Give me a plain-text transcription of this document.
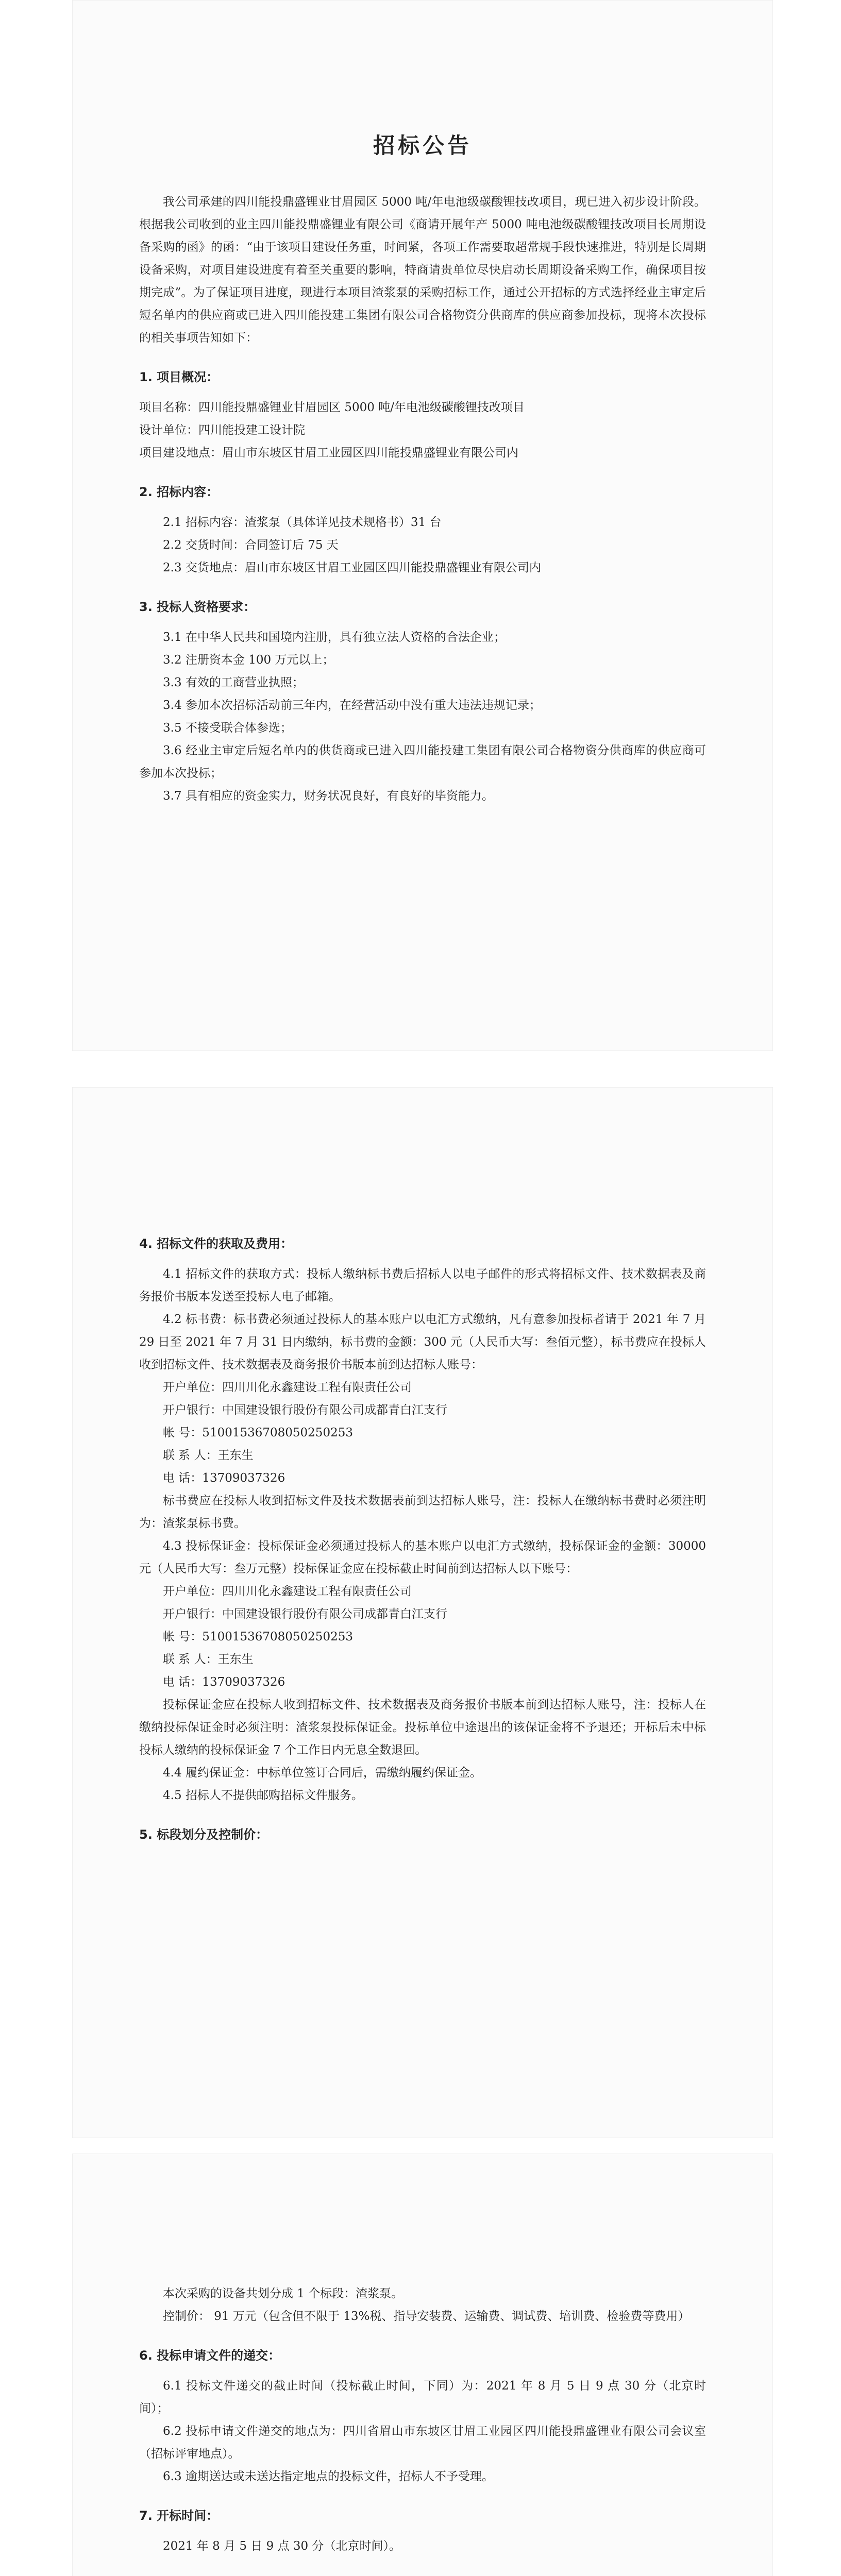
招标公告

我公司承建的四川能投鼎盛锂业甘眉园区 5000 吨/年电池级碳酸锂技改项目，现已进入初步设计阶段。根据我公司收到的业主四川能投鼎盛锂业有限公司《商请开展年产 5000 吨电池级碳酸锂技改项目长周期设备采购的函》的函：“由于该项目建设任务重，时间紧，各项工作需要取超常规手段快速推进，特别是长周期设备采购，对项目建设进度有着至关重要的影响，特商请贵单位尽快启动长周期设备采购工作，确保项目按期完成”。为了保证项目进度，现进行本项目渣浆泵的采购招标工作，通过公开招标的方式选择经业主审定后短名单内的供应商或已进入四川能投建工集团有限公司合格物资分供商库的供应商参加投标，现将本次投标的相关事项告知如下：

1. 项目概况：

项目名称：四川能投鼎盛锂业甘眉园区 5000 吨/年电池级碳酸锂技改项目

设计单位：四川能投建工设计院

项目建设地点：眉山市东坡区甘眉工业园区四川能投鼎盛锂业有限公司内

2. 招标内容：

2.1 招标内容：渣浆泵（具体详见技术规格书）31 台

2.2 交货时间：合同签订后 75 天

2.3 交货地点：眉山市东坡区甘眉工业园区四川能投鼎盛锂业有限公司内

3. 投标人资格要求：

3.1 在中华人民共和国境内注册，具有独立法人资格的合法企业；

3.2 注册资本金 100 万元以上；

3.3 有效的工商营业执照；

3.4 参加本次招标活动前三年内，在经营活动中没有重大违法违规记录；

3.5 不接受联合体参选；

3.6 经业主审定后短名单内的供货商或已进入四川能投建工集团有限公司合格物资分供商库的供应商可参加本次投标；

3.7 具有相应的资金实力，财务状况良好，有良好的毕资能力。

4. 招标文件的获取及费用：

4.1 招标文件的获取方式：投标人缴纳标书费后招标人以电子邮件的形式将招标文件、技术数据表及商务报价书版本发送至投标人电子邮箱。

4.2 标书费：标书费必须通过投标人的基本账户以电汇方式缴纳，凡有意参加投标者请于 2021 年 7 月 29 日至 2021 年 7 月 31 日内缴纳，标书费的金额：300 元（人民币大写：叁佰元整），标书费应在投标人收到招标文件、技术数据表及商务报价书版本前到达招标人账号：

开户单位：四川川化永鑫建设工程有限责任公司

开户银行：中国建设银行股份有限公司成都青白江支行

帐 号：51001536708050250253

联 系 人：王东生

电 话：13709037326

标书费应在投标人收到招标文件及技术数据表前到达招标人账号，注：投标人在缴纳标书费时必须注明为：渣浆泵标书费。

4.3 投标保证金：投标保证金必须通过投标人的基本账户以电汇方式缴纳，投标保证金的金额：30000 元（人民币大写：叁万元整）投标保证金应在投标截止时间前到达招标人以下账号：

开户单位：四川川化永鑫建设工程有限责任公司

开户银行：中国建设银行股份有限公司成都青白江支行

帐 号：51001536708050250253

联 系 人：王东生

电 话：13709037326

投标保证金应在投标人收到招标文件、技术数据表及商务报价书版本前到达招标人账号，注：投标人在缴纳投标保证金时必须注明：渣浆泵投标保证金。投标单位中途退出的该保证金将不予退还；开标后未中标投标人缴纳的投标保证金 7 个工作日内无息全数退回。

4.4 履约保证金：中标单位签订合同后，需缴纳履约保证金。

4.5 招标人不提供邮购招标文件服务。

5. 标段划分及控制价：

本次采购的设备共划分成 1 个标段：渣浆泵。

控制价： 91 万元（包含但不限于 13%税、指导安装费、运输费、调试费、培训费、检验费等费用）

6. 投标申请文件的递交：

6.1 投标文件递交的截止时间（投标截止时间，下同）为：2021 年 8 月 5 日 9 点 30 分（北京时间）；

6.2 投标申请文件递交的地点为：四川省眉山市东坡区甘眉工业园区四川能投鼎盛锂业有限公司会议室（招标评审地点）。

6.3 逾期送达或未送达指定地点的投标文件，招标人不予受理。

7. 开标时间：

2021 年 8 月 5 日 9 点 30 分（北京时间）。
